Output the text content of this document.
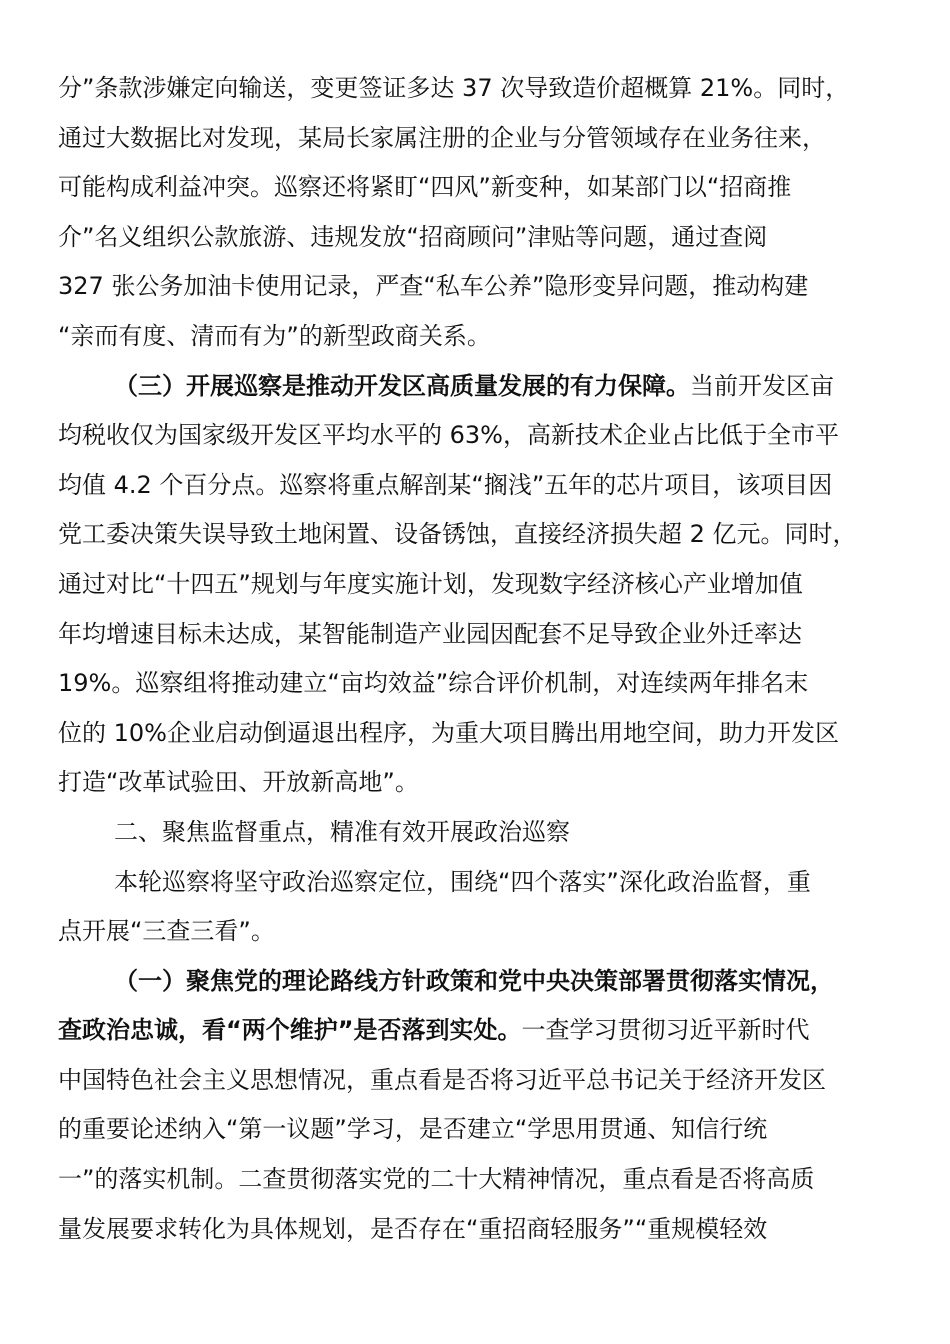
分”条款涉嫌定向输送，变更签证多达 37 次导致造价超概算 21%。同时，
通过大数据比对发现，某局长家属注册的企业与分管领域存在业务往来，
可能构成利益冲突。巡察还将紧盯“四风”新变种，如某部门以“招商推
介”名义组织公款旅游、违规发放“招商顾问”津贴等问题，通过查阅
327 张公务加油卡使用记录，严查“私车公养”隐形变异问题，推动构建
“亲而有度、清而有为”的新型政商关系。
（三）开展巡察是推动开发区高质量发展的有力保障。当前开发区亩
均税收仅为国家级开发区平均水平的 63%，高新技术企业占比低于全市平
均值 4.2 个百分点。巡察将重点解剖某“搁浅”五年的芯片项目，该项目因
党工委决策失误导致土地闲置、设备锈蚀，直接经济损失超 2 亿元。同时，
通过对比“十四五”规划与年度实施计划，发现数字经济核心产业增加值
年均增速目标未达成，某智能制造产业园因配套不足导致企业外迁率达
19%。巡察组将推动建立“亩均效益”综合评价机制，对连续两年排名末
位的 10%企业启动倒逼退出程序，为重大项目腾出用地空间，助力开发区
打造“改革试验田、开放新高地”。
二、聚焦监督重点，精准有效开展政治巡察
本轮巡察将坚守政治巡察定位，围绕“四个落实”深化政治监督，重
点开展“三查三看”。
（一）聚焦党的理论路线方针政策和党中央决策部署贯彻落实情况，
查政治忠诚，看“两个维护”是否落到实处。一查学习贯彻习近平新时代
中国特色社会主义思想情况，重点看是否将习近平总书记关于经济开发区
的重要论述纳入“第一议题”学习，是否建立“学思用贯通、知信行统
一”的落实机制。二查贯彻落实党的二十大精神情况，重点看是否将高质
量发展要求转化为具体规划，是否存在“重招商轻服务”“重规模轻效
